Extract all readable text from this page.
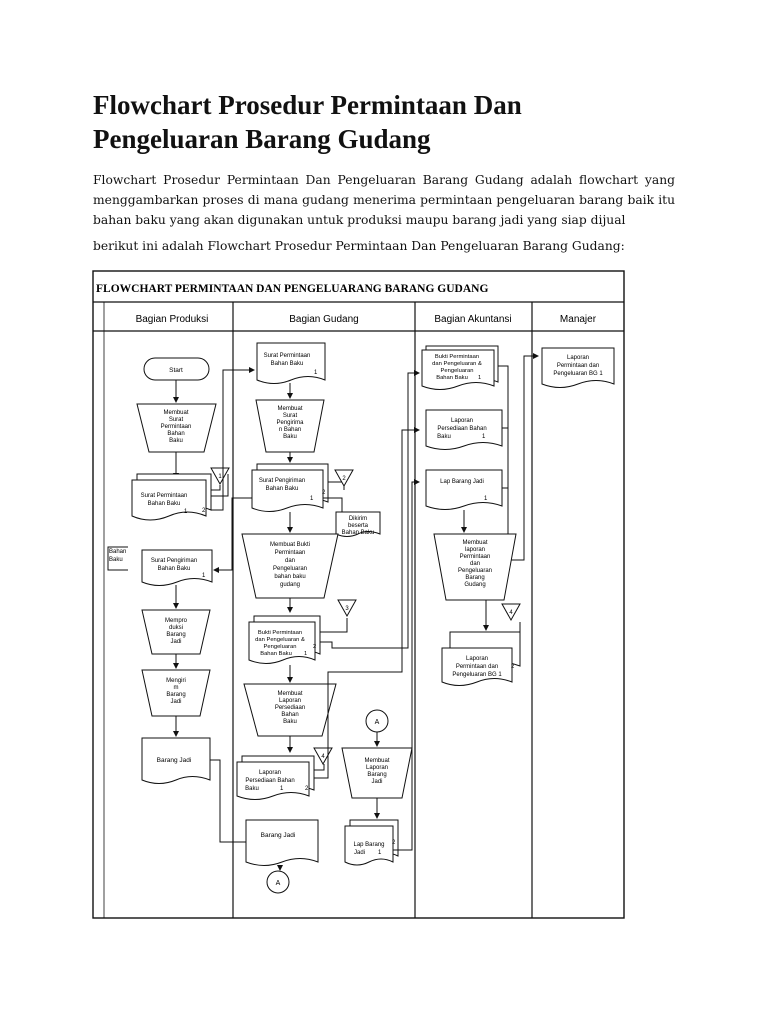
Flowchart Prosedur Permintaan Dan
Pengeluaran Barang Gudang

Flowchart Prosedur Permintaan Dan Pengeluaran Barang Gudang adalah flowchart yang menggambarkan proses di mana gudang menerima permintaan pengeluaran barang baik itu bahan baku yang akan digunakan untuk produksi maupu barang jadi yang siap dijual

berikut ini adalah Flowchart Prosedur Permintaan Dan Pengeluaran Barang Gudang:

FLOWCHART PERMINTAAN DAN PENGELUARANG BARANG GUDANG
Bagian Produksi	Bagian Gudang	Bagian Akuntansi	Manajer
Start
Membuat
Surat
Permintaan
Bahan
Baku
Surat Permintaan
Bahan Baku
1 2
1
Bahan
Baku	Surat Pengiriman
Bahan Baku
1
Mempro
duksi
Barang
Jadi
Mengiri
m
Barang
Jadi
Barang Jadi
Surat Permintaan
Bahan Baku
1
Membuat
Surat
Pengirima
n Bahan
Baku
Surat Pengiriman
Bahan Baku
1
2
2
Dikirim
beserta
Bahan Baku
Membuat Bukti
Permintaan
dan
Pengeluaran
bahan baku
gudang
Bukti Permintaan
dan Pengeluaran &
Pengeluaran
Bahan Baku 1
2
3
Membuat
Laporan
Persediaan
Bahan
Baku
Laporan
Persediaan Bahan
Baku	1	2
4
Barang Jadi
A
A
Membuat
Laporan
Barang
Jadi
Lap Barang
Jadi 1
2
Bukti Permintaan
dan Pengeluaran &
Pengeluaran
Bahan Baku 1
Laporan
Persediaan Bahan
Baku	1
Lap Barang Jadi
1
Membuat
laporan
Permintaan
dan
Pengeluaran
Barang
Gudang
Laporan
Permintaan dan
Pengeluaran BG 1
2
4
Laporan
Permintaan dan
Pengeluaran BG 1
